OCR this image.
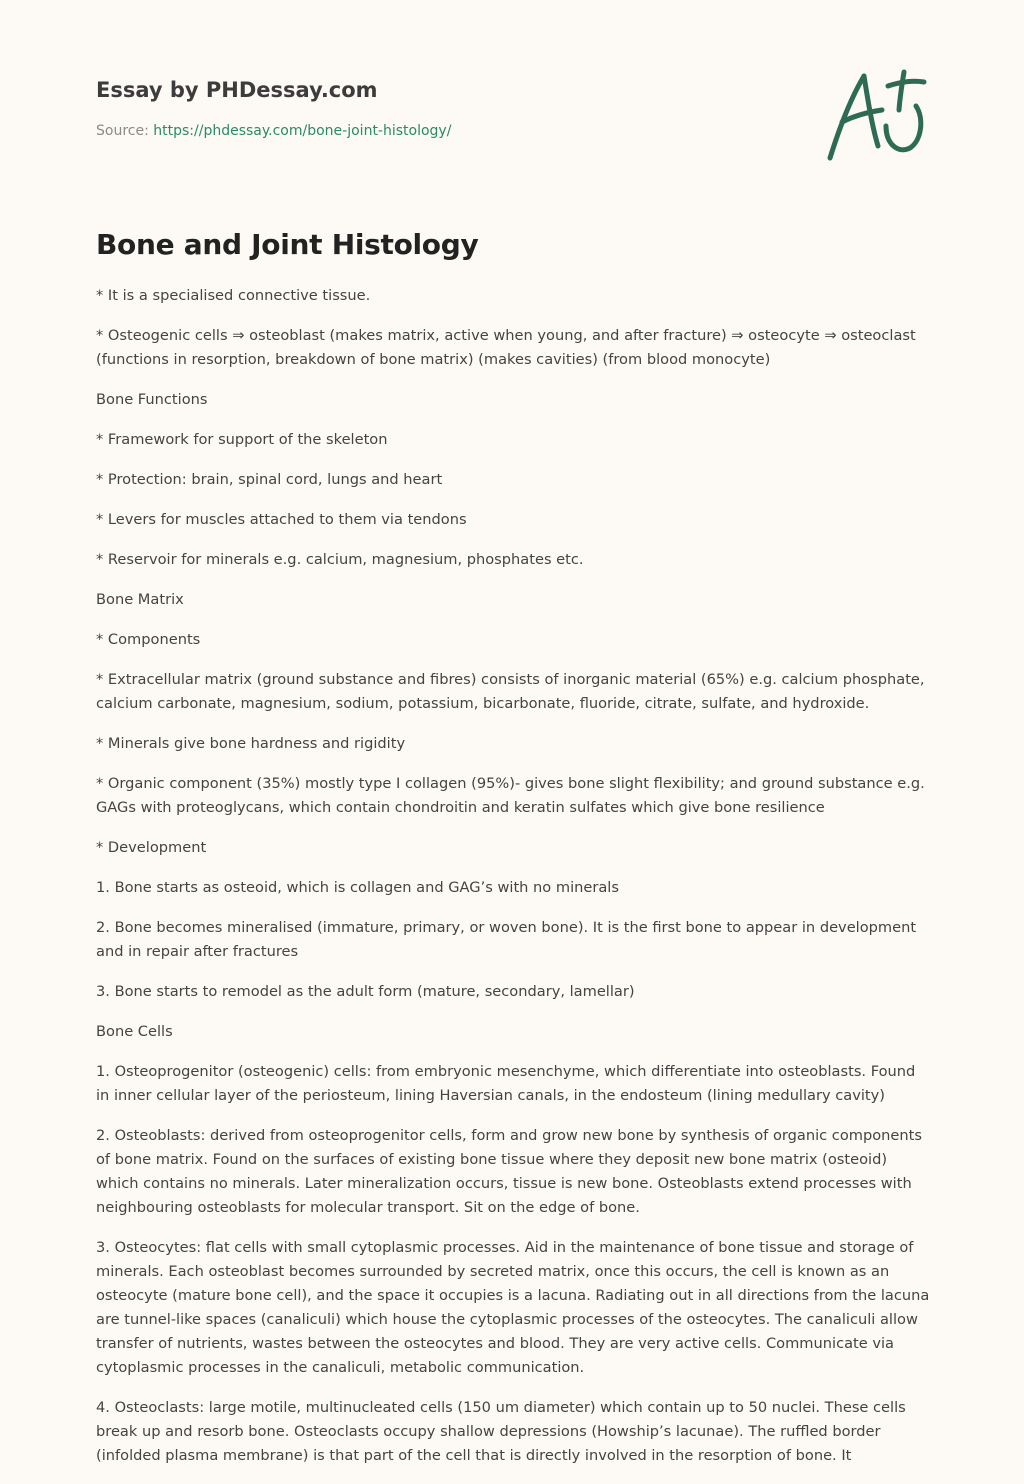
Essay by PHDessay.com
Source: https://phdessay.com/bone-joint-histology/
Bone and Joint Histology

* It is a specialised connective tissue.

* Osteogenic cells ⇒ osteoblast (makes matrix, active when young, and after fracture) ⇒ osteocyte ⇒ osteoclast (functions in resorption, breakdown of bone matrix) (makes cavities) (from blood monocyte)

Bone Functions

* Framework for support of the skeleton

* Protection: brain, spinal cord, lungs and heart

* Levers for muscles attached to them via tendons

* Reservoir for minerals e.g. calcium, magnesium, phosphates etc.

Bone Matrix

* Components

* Extracellular matrix (ground substance and fibres) consists of inorganic material (65%) e.g. calcium phosphate, calcium carbonate, magnesium, sodium, potassium, bicarbonate, fluoride, citrate, sulfate, and hydroxide.

* Minerals give bone hardness and rigidity

* Organic component (35%) mostly type I collagen (95%)- gives bone slight flexibility; and ground substance e.g. GAGs with proteoglycans, which contain chondroitin and keratin sulfates which give bone resilience

* Development

1. Bone starts as osteoid, which is collagen and GAG’s with no minerals

2. Bone becomes mineralised (immature, primary, or woven bone). It is the first bone to appear in development and in repair after fractures

3. Bone starts to remodel as the adult form (mature, secondary, lamellar)

Bone Cells

1. Osteoprogenitor (osteogenic) cells: from embryonic mesenchyme, which differentiate into osteoblasts. Found in inner cellular layer of the periosteum, lining Haversian canals, in the endosteum (lining medullary cavity)

2. Osteoblasts: derived from osteoprogenitor cells, form and grow new bone by synthesis of organic components of bone matrix. Found on the surfaces of existing bone tissue where they deposit new bone matrix (osteoid) which contains no minerals. Later mineralization occurs, tissue is new bone. Osteoblasts extend processes with neighbouring osteoblasts for molecular transport. Sit on the edge of bone.

3. Osteocytes: flat cells with small cytoplasmic processes. Aid in the maintenance of bone tissue and storage of minerals. Each osteoblast becomes surrounded by secreted matrix, once this occurs, the cell is known as an osteocyte (mature bone cell), and the space it occupies is a lacuna. Radiating out in all directions from the lacuna are tunnel-like spaces (canaliculi) which house the cytoplasmic processes of the osteocytes. The canaliculi allow transfer of nutrients, wastes between the osteocytes and blood. They are very active cells. Communicate via cytoplasmic processes in the canaliculi, metabolic communication.

4. Osteoclasts: large motile, multinucleated cells (150 um diameter) which contain up to 50 nuclei. These cells break up and resorb bone. Osteoclasts occupy shallow depressions (Howship’s lacunae). The ruffled border (infolded plasma membrane) is that part of the cell that is directly involved in the resorption of bone. It
